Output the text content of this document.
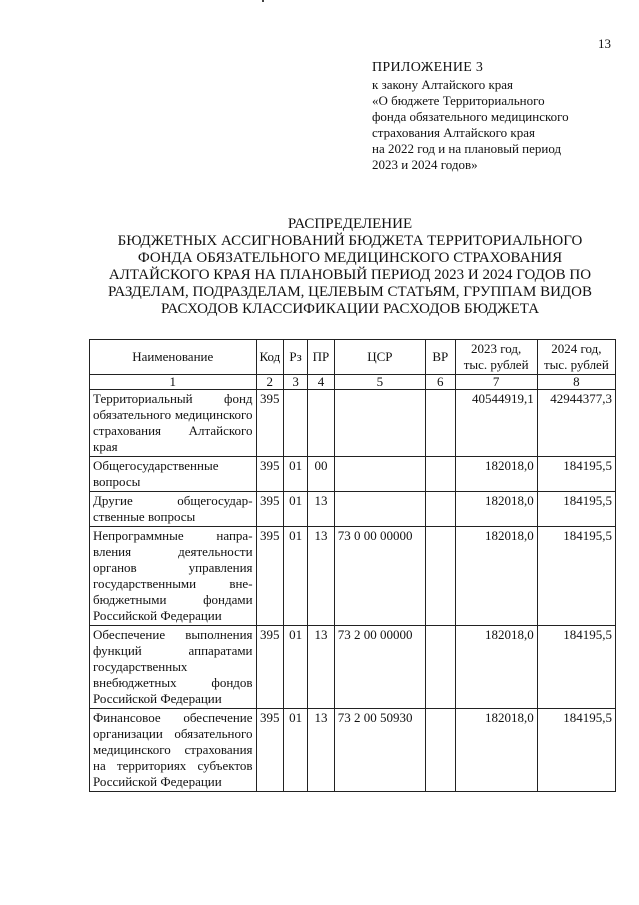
13
ПРИЛОЖЕНИЕ 3
к закону Алтайского края
«О бюджете Территориального
фонда обязательного медицинского
страхования Алтайского края
на 2022 год и на плановый период
2023 и 2024 годов»
РАСПРЕДЕЛЕНИЕ
БЮДЖЕТНЫХ АССИГНОВАНИЙ БЮДЖЕТА ТЕРРИТОРИАЛЬНОГО
ФОНДА ОБЯЗАТЕЛЬНОГО МЕДИЦИНСКОГО СТРАХОВАНИЯ
АЛТАЙСКОГО КРАЯ НА ПЛАНОВЫЙ ПЕРИОД 2023 И 2024 ГОДОВ ПО
РАЗДЕЛАМ, ПОДРАЗДЕЛАМ, ЦЕЛЕВЫМ СТАТЬЯМ, ГРУППАМ ВИДОВ
РАСХОДОВ КЛАССИФИКАЦИИ РАСХОДОВ БЮДЖЕТА
Наименование	Код	Рз	ПР	ЦСР	ВР	2023 год, тыс. рублей	2024 год, тыс. рублей
1	2	3	4	5	6	7	8
Территориальный фонд обязательного медицинского страхования Алтайского края	395					40544919,1	42944377,3
Общегосударственные вопросы	395	01	00			182018,0	184195,5
Другие общегосударственные вопросы	395	01	13			182018,0	184195,5
Непрограммные направления деятельности органов управления государственными внебюджетными фондами Российской Федерации	395	01	13	73 0 00 00000		182018,0	184195,5
Обеспечение выполнения функций аппаратами государственных внебюджетных фондов Российской Федерации	395	01	13	73 2 00 00000		182018,0	184195,5
Финансовое обеспечение организации обязательного медицинского страхования на территориях субъектов Российской Федерации	395	01	13	73 2 00 50930		182018,0	184195,5
